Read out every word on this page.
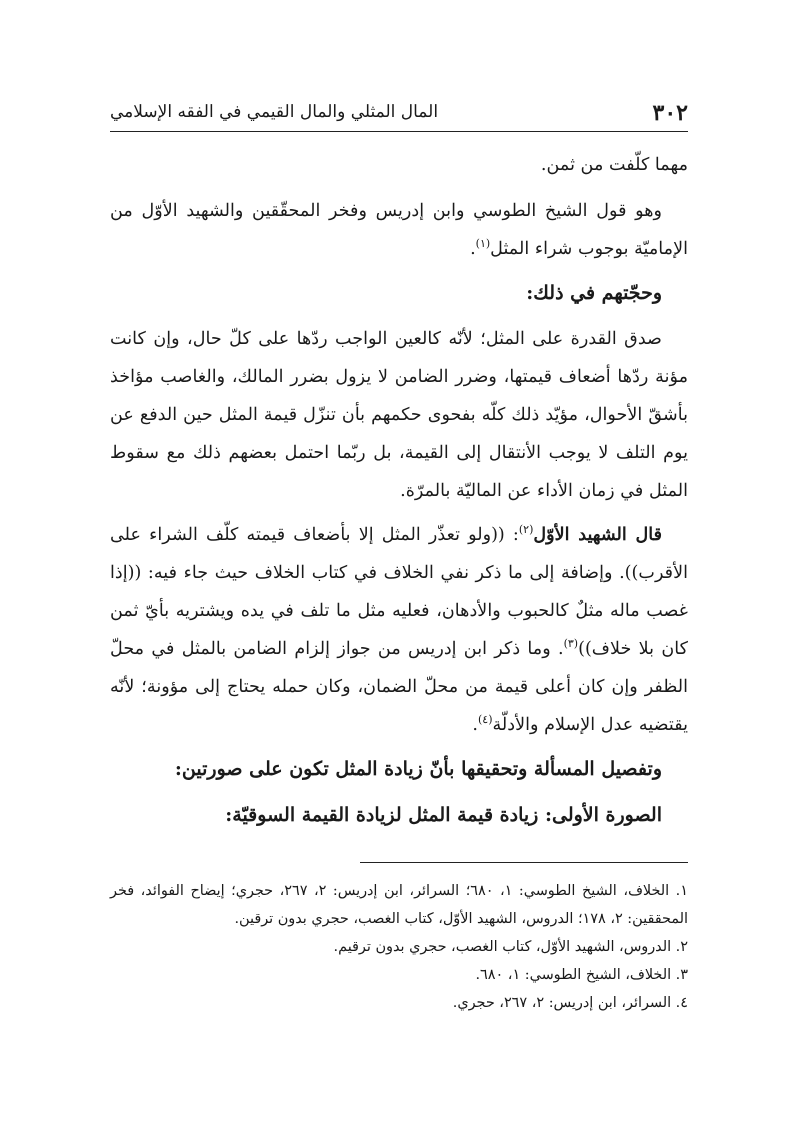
٣٠٢
المال المثلي والمال القيمي في الفقه الإسلامي

مهما كلّفت من ثمن.

وهو قول الشيخ الطوسي وابن إدريس وفخر المحقّقين والشهيد الأوّل من الإماميّة بوجوب شراء المثل$^{(١)}$.

وحجّتهم في ذلك:

صدق القدرة على المثل؛ لأنّه كالعين الواجب ردّها على كلّ حال، وإن كانت مؤنة ردّها أضعاف قيمتها، وضرر الضامن لا يزول بضرر المالك، والغاصب مؤاخذ بأشقّ الأحوال، مؤيّد ذلك كلّه بفحوى حكمهم بأن تنزّل قيمة المثل حين الدفع عن يوم التلف لا يوجب الأنتقال إلى القيمة، بل ربّما احتمل بعضهم ذلك مع سقوط المثل في زمان الأداء عن الماليّة بالمرّة.

قال الشهيد الأوّل$^{(٢)}$: ((ولو تعذّر المثل إلا بأضعاف قيمته كلّف الشراء على الأقرب)). وإضافة إلى ما ذكر نفي الخلاف في كتاب الخلاف حيث جاء فيه: ((إذا غصب ماله مثلٌ كالحبوب والأدهان، فعليه مثل ما تلف في يده ويشتريه بأيّ ثمن كان بلا خلاف))$^{(٣)}$. وما ذكر ابن إدريس من جواز إلزام الضامن بالمثل في محلّ الظفر وإن كان أعلى قيمة من محلّ الضمان، وكان حمله يحتاج إلى مؤونة؛ لأنّه يقتضيه عدل الإسلام والأدلّة$^{(٤)}$.

وتفصيل المسألة وتحقيقها بأنّ زيادة المثل تكون على صورتين:
الصورة الأولى: زيادة قيمة المثل لزيادة القيمة السوقيّة:

١. الخلاف، الشيخ الطوسي: ١، ٦٨٠؛ السرائر، ابن إدريس: ٢، ٢٦٧، حجري؛ إيضاح الفوائد، فخر المحققين: ٢، ١٧٨؛ الدروس، الشهيد الأوّل، كتاب الغصب، حجري بدون ترقين.

٢. الدروس، الشهيد الأوّل، كتاب الغصب، حجري بدون ترقيم.

٣. الخلاف، الشيخ الطوسي: ١، ٦٨٠.

٤. السرائر، ابن إدريس: ٢، ٢٦٧، حجري.
